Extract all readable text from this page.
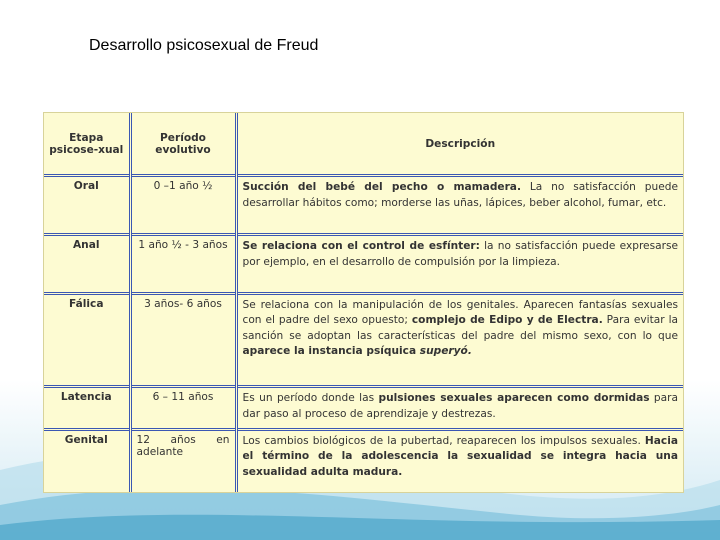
Desarrollo psicosexual de Freud
Etapa psicose-xual	Período evolutivo	Descripción
Oral	0 –1 año ½	Succión del bebé del pecho o mamadera. La no satisfacción puede desarrollar hábitos como; morderse las uñas, lápices, beber alcohol, fumar, etc.
Anal	1 año ½ - 3 años	Se relaciona con el control de esfínter: la no satisfacción puede expresarse por ejemplo, en el desarrollo de compulsión por la limpieza.
Fálica	3 años- 6 años	Se relaciona con la manipulación de los genitales. Aparecen fantasías sexuales con el padre del sexo opuesto; complejo de Edipo y de Electra. Para evitar la sanción se adoptan las características del padre del mismo sexo, con lo que aparece la instancia psíquica superyó.
Latencia	6 – 11 años	Es un período donde las pulsiones sexuales aparecen como dormidas para dar paso al proceso de aprendizaje y destrezas.
Genital	12 años en adelante	Los cambios biológicos de la pubertad, reaparecen los impulsos sexuales. Hacia el término de la adolescencia la sexualidad se integra hacia una sexualidad adulta madura.
